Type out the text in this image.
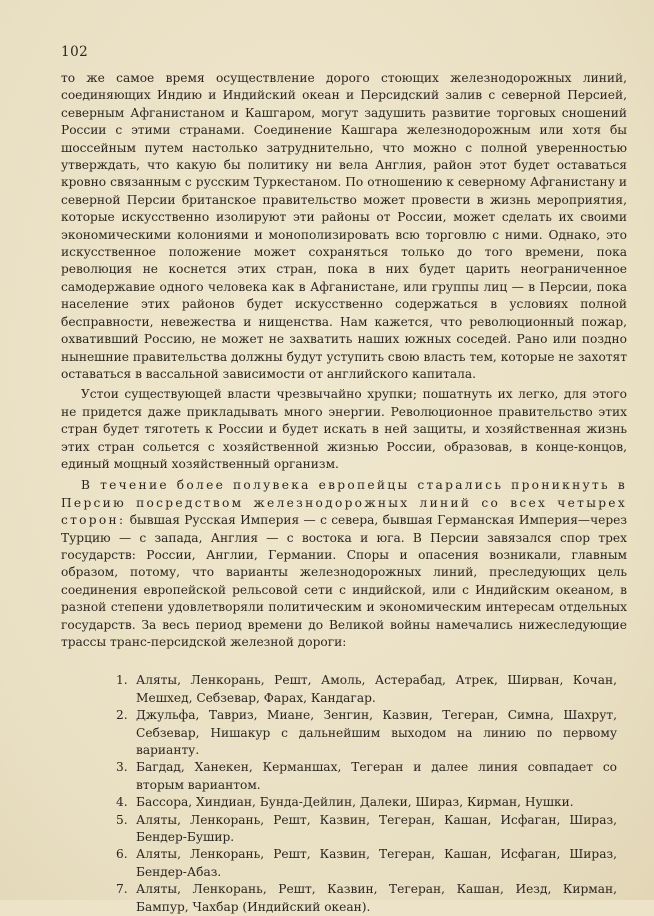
102

то же самое время осуществление дорого стоющих железнодорожных линий, соединяющих Индию и Индийский океан и Персидский залив с северной Персией, северным Афганистаном и Кашгаром, могут задушить развитие торговых сношений России с этими странами. Соединение Кашгара железнодорожным или хотя бы шоссейным путем настолько затруднительно, что можно с полной уверенностью утверждать, что какую бы политику ни вела Англия, район этот будет оставаться кровно связанным с русским Туркестаном. По отношению к северному Афганистану и северной Персии британское правительство может провести в жизнь мероприятия, которые искусственно изолируют эти районы от России, может сделать их своими экономическими колониями и монополизировать всю торговлю с ними. Однако, это искусственное положение может сохраняться только до того времени, пока революция не коснется этих стран, пока в них будет царить неограниченное самодержавие одного человека как в Афганистане, или группы лиц — в Персии, пока население этих районов будет искусственно содержаться в условиях полной бесправности, невежества и нищенства. Нам кажется, что революционный пожар, охвативший Россию, не может не захватить наших южных соседей. Рано или поздно нынешние правительства должны будут уступить свою власть тем, которые не захотят оставаться в вассальной зависимости от английского капитала.

Устои существующей власти чрезвычайно хрупки; пошатнуть их легко, для этого не придется даже прикладывать много энергии. Революционное правительство этих стран будет тяготеть к России и будет искать в ней защиты, и хозяйственная жизнь этих стран сольется с хозяйственной жизнью России, образовав, в конце-концов, единый мощный хозяйственный организм.

В течение более полувека европейцы старались проникнуть в Персию посредством железнодорожных линий со всех четырех сторон: бывшая Русская Империя — с севера, бывшая Германская Империя—через Турцию — с запада, Англия — с востока и юга. В Персии завязался спор трех государств: России, Англии, Германии. Споры и опасения возникали, главным образом, потому, что варианты железнодорожных линий, преследующих цель соединения европейской рельсовой сети с индийской, или с Индийским океаном, в разной степени удовлетворяли политическим и экономическим интересам отдельных государств. За весь период времени до Великой войны намечались нижеследующие трассы транс-персидской железной дороги:

1. Аляты, Ленкорань, Решт, Амоль, Астерабад, Атрек, Ширван, Кочан, Мешхед, Себзевар, Фарах, Кандагар.
2. Джульфа, Тавриз, Миане, Зенгин, Казвин, Тегеран, Симна, Шахрут, Себзевар, Нишакур с дальнейшим выходом на линию по первому варианту.
3. Багдад, Ханекен, Керманшах, Тегеран и далее линия совпадает со вторым вариантом.
4. Бассора, Хиндиан, Бунда-Дейлин, Далеки, Шираз, Кирман, Нушки.
5. Аляты, Ленкорань, Решт, Казвин, Тегеран, Кашан, Исфаган, Шираз, Бендер-Бушир.
6. Аляты, Ленкорань, Решт, Казвин, Тегеран, Кашан, Исфаган, Шираз, Бендер-Абаз.
7. Аляты, Ленкорань, Решт, Казвин, Тегеран, Кашан, Иезд, Кирман, Бампур, Чахбар (Индийский океан).
